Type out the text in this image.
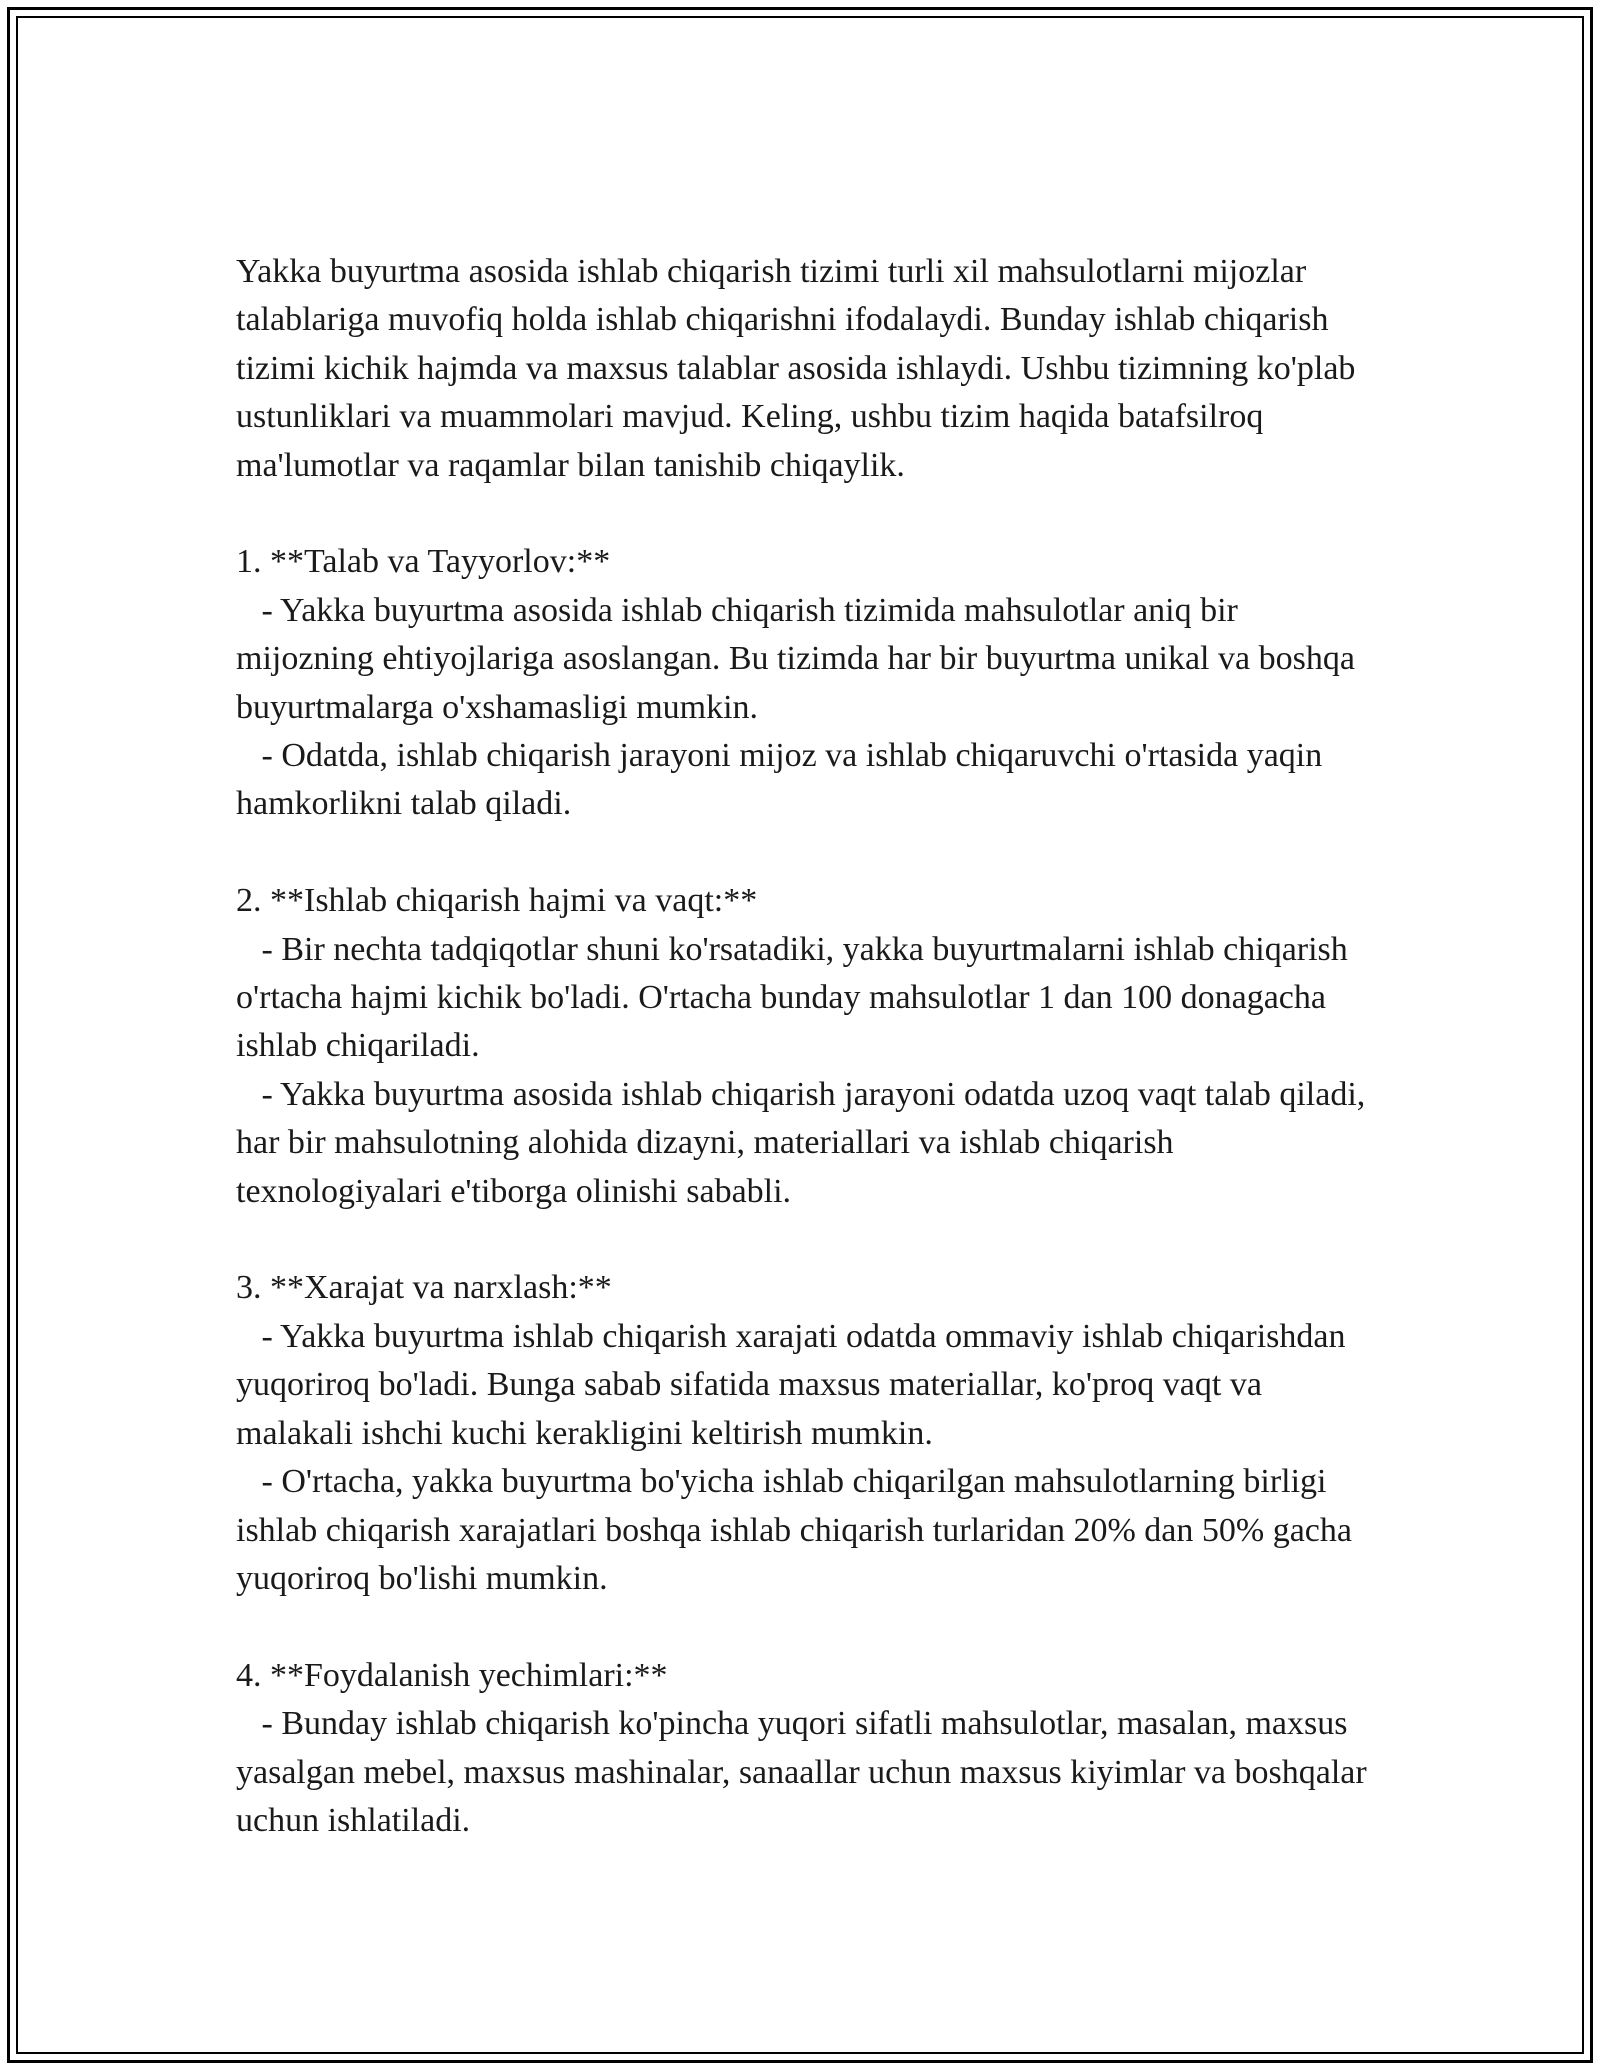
Yakka buyurtma asosida ishlab chiqarish tizimi turli xil mahsulotlarni mijozlar talablariga muvofiq holda ishlab chiqarishni ifodalaydi. Bunday ishlab chiqarish tizimi kichik hajmda va maxsus talablar asosida ishlaydi. Ushbu tizimning ko'plab ustunliklari va muammolari mavjud. Keling, ushbu tizim haqida batafsilroq ma'lumotlar va raqamlar bilan tanishib chiqaylik.

1. **Talab va Tayyorlov:**

- Yakka buyurtma asosida ishlab chiqarish tizimida mahsulotlar aniq bir mijozning ehtiyojlariga asoslangan. Bu tizimda har bir buyurtma unikal va boshqa buyurtmalarga o'xshamasligi mumkin.

- Odatda, ishlab chiqarish jarayoni mijoz va ishlab chiqaruvchi o'rtasida yaqin hamkorlikni talab qiladi.

2. **Ishlab chiqarish hajmi va vaqt:**

- Bir nechta tadqiqotlar shuni ko'rsatadiki, yakka buyurtmalarni ishlab chiqarish o'rtacha hajmi kichik bo'ladi. O'rtacha bunday mahsulotlar 1 dan 100 donagacha ishlab chiqariladi.

- Yakka buyurtma asosida ishlab chiqarish jarayoni odatda uzoq vaqt talab qiladi, har bir mahsulotning alohida dizayni, materiallari va ishlab chiqarish texnologiyalari e'tiborga olinishi sababli.

3. **Xarajat va narxlash:**

- Yakka buyurtma ishlab chiqarish xarajati odatda ommaviy ishlab chiqarishdan yuqoriroq bo'ladi. Bunga sabab sifatida maxsus materiallar, ko'proq vaqt va malakali ishchi kuchi kerakligini keltirish mumkin.

- O'rtacha, yakka buyurtma bo'yicha ishlab chiqarilgan mahsulotlarning birligi ishlab chiqarish xarajatlari boshqa ishlab chiqarish turlaridan 20% dan 50% gacha yuqoriroq bo'lishi mumkin.

4. **Foydalanish yechimlari:**

- Bunday ishlab chiqarish ko'pincha yuqori sifatli mahsulotlar, masalan, maxsus yasalgan mebel, maxsus mashinalar, sanaallar uchun maxsus kiyimlar va boshqalar uchun ishlatiladi.
